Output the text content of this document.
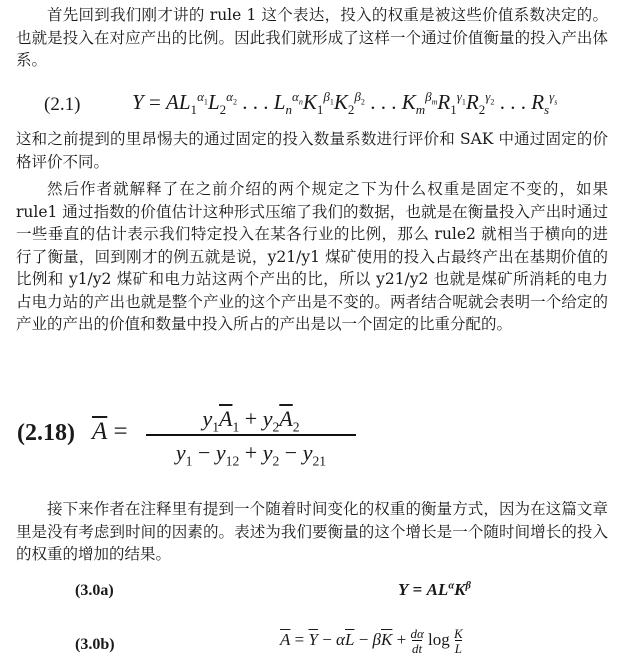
首先回到我们刚才讲的 rule 1 这个表达，投入的权重是被这些价值系数决定的。也就是投入在对应产出的比例。因此我们就形成了这样一个通过价值衡量的投入产出体系。

(2.1) $Y = AL_1^{\alpha_1}L_2^{\alpha_2}$ . . . $L_n^{\alpha_n}K_1^{\beta_1}K_2^{\beta_2}$ . . . $K_m^{\beta_m}R_1^{\gamma_1}R_2^{\gamma_2}$ . . . $R_s^{\gamma_s}$

这和之前提到的里昂惕夫的通过固定的投入数量系数进行评价和 SAK 中通过固定的价格评价不同。

然后作者就解释了在之前介绍的两个规定之下为什么权重是固定不变的，如果 rule1 通过指数的价值估计这种形式压缩了我们的数据，也就是在衡量投入产出时通过一些垂直的估计表示我们特定投入在某各行业的比例，那么 rule2 就相当于横向的进行了衡量，回到刚才的例五就是说，y21/y1 煤矿使用的投入占最终产出在基期价值的比例和 y1/y2 煤矿和电力站这两个产出的比，所以 y21/y2 也就是煤矿所消耗的电力占电力站的产出也就是整个产业的这个产出是不变的。两者结合呢就会表明一个给定的产业的产出的价值和数量中投入所占的产出是以一个固定的比重分配的。

(2.18) $\overline{A}$ =	$y_1\overline{A}_1 + y_2\overline{A}_2$
$y_1 - y_{12} + y_2 - y_{21}$

接下来作者在注释里有提到一个随着时间变化的权重的衡量方式，因为在这篇文章里是没有考虑到时间的因素的。表述为我们要衡量的这个增长是一个随时间增长的投入的权重的增加的结果。

(3.0a)	$Y = AL^\alpha K^\beta$
(3.0b)	$\overline{A} = \overline{Y} - \alpha\overline{L} - \beta\overline{K} + \frac{d\alpha}{dt}$ $\log \frac{K}{L}$
